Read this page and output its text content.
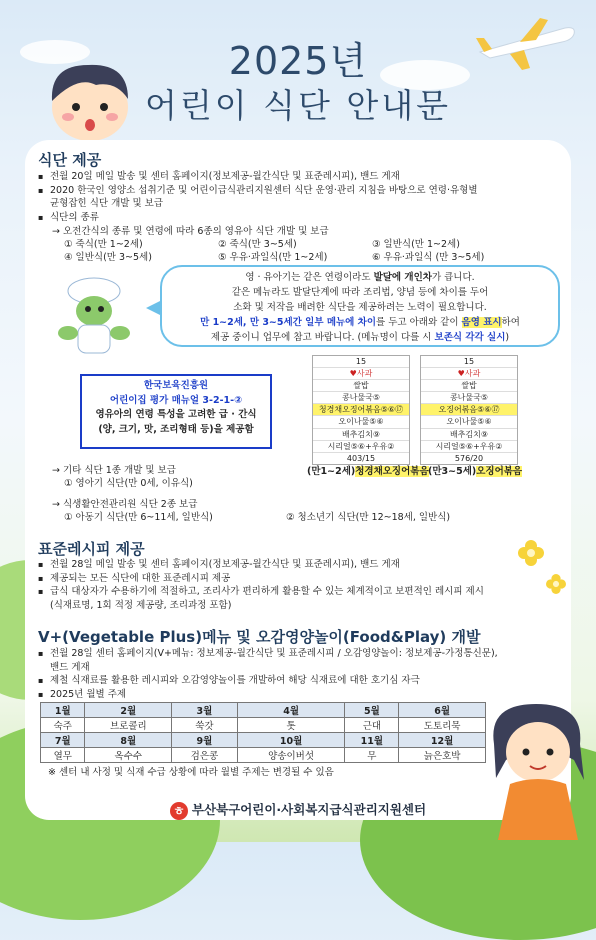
2025년
어린이 식단 안내문
식단 제공
▪ 전월 20일 메일 발송 및 센터 홈페이지(정보제공-월간식단 및 표준레시피), 밴드 게재
▪ 2020 한국인 영양소 섭취기준 및 어린이급식관리지원센터 식단 운영·관리 지침을 바탕으로 연령·유형별
균형잡힌 식단 개발 및 보급
▪ 식단의 종류
→ 오전간식의 종류 및 연령에 따라 6종의 영유아 식단 개발 및 보급
① 죽식(만 1~2세)	② 죽식(만 3~5세)	③ 일반식(만 1~2세)
④ 일반식(만 3~5세)	⑤ 우유·과일식(만 1~2세)	⑥ 우유·과일식 (만 3~5세)
영 · 유아기는 같은 연령이라도 발달에 개인차가 큽니다.
같은 메뉴라도 발달단계에 따라 조리법, 양념 등에 차이를 두어
소화 및 저작을 배려한 식단을 제공하려는 노력이 필요합니다.
만 1~2세, 만 3~5세간 일부 메뉴에 차이를 두고 아래와 같이 음영 표시하여
제공 중이니 업무에 참고 바랍니다. (메뉴명이 다를 시 보존식 각각 실시)
한국보육진흥원
어린이집 평가 매뉴얼 3-2-1-②
영유아의 연령 특성을 고려한 급 · 간식
(양, 크기, 맛, 조리형태 등)을 제공함
15
♥사과
쌀밥
콩나물국⑤
청경채오징어볶음⑤⑥⑰
오이나물⑤⑥
배추김치⑨
시리얼⑤⑥+우유②
403/15
15
♥사과
쌀밥
콩나물국⑤
오징어볶음⑤⑥⑰
오이나물⑤⑥
배추김치⑨
시리얼⑤⑥+우유②
576/20
(만1~2세)청경채오징어볶음 (만3~5세)오징어볶음
→ 기타 식단 1종 개발 및 보급
① 영아기 식단(만 0세, 이유식)
→ 식생활안전관리원 식단 2종 보급
① 아동기 식단(만 6~11세, 일반식)	② 청소년기 식단(만 12~18세, 일반식)
표준레시피 제공
▪ 전월 28일 메일 발송 및 센터 홈페이지(정보제공-월간식단 및 표준레시피), 밴드 게재
▪ 제공되는 모든 식단에 대한 표준레시피 제공
▪ 급식 대상자가 수용하기에 적절하고, 조리사가 편리하게 활용할 수 있는 체계적이고 보편적인 레시피 제시
(식재료명, 1회 적정 제공량, 조리과정 포함)
V+(Vegetable Plus)메뉴 및 오감영양놀이(Food&Play) 개발
▪ 전월 28일 센터 홈페이지(V+메뉴: 정보제공-월간식단 및 표준레시피 / 오감영양놀이: 정보제공-가정통신문),
밴드 게재
▪ 제철 식재료를 활용한 레시피와 오감영양놀이를 개발하여 해당 식재료에 대한 호기심 자극
▪ 2025년 월별 주제
1월	2월	3월	4월	5월	6월
숙주	브로콜리	쑥갓	톳	근대	도토리묵
7월	8월	9월	10월	11월	12월
열무	옥수수	검은콩	양송이버섯	무	늙은호박
※ 센터 내 사정 및 식재 수급 상황에 따라 월별 주제는 변경될 수 있음
ㅎ 부산북구어린이·사회복지급식관리지원센터
